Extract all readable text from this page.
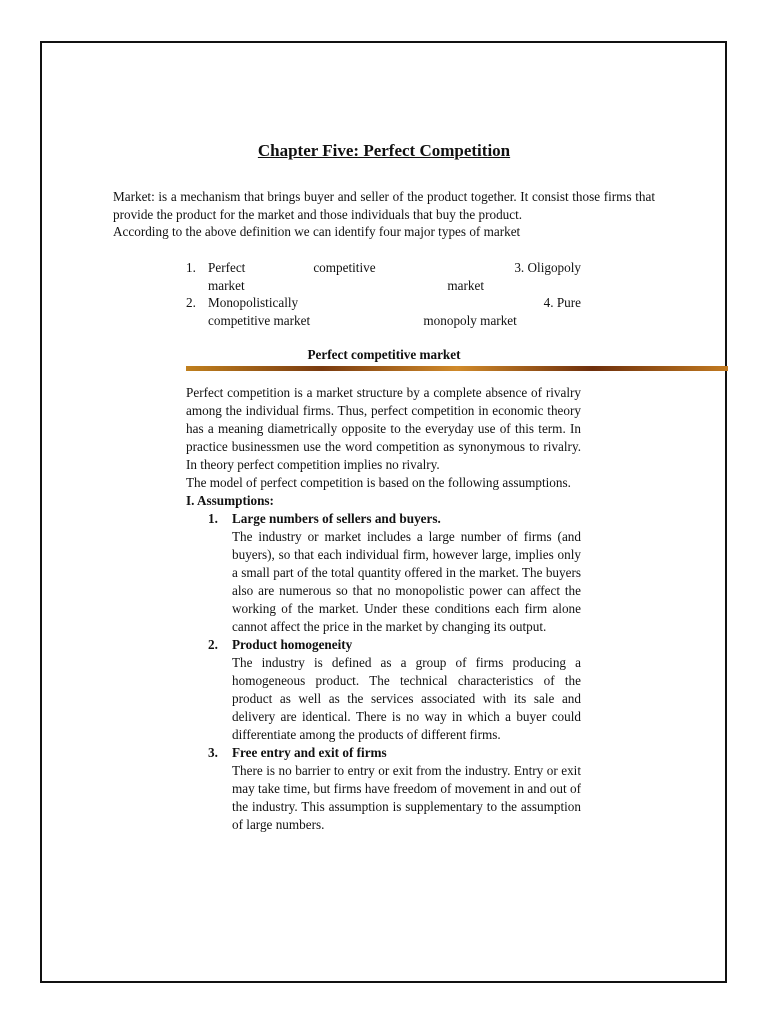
Chapter Five: Perfect Competition

Market: is a mechanism that brings buyer and seller of the product together. It consist those firms that provide the product for the market and those individuals that buy the product.

According to the above definition we can identify four major types of market

1. Perfect competitive
market
3. Oligopoly
market
2. Monopolistically
competitive market
4. Pure
monopoly market
Perfect competitive market

Perfect competition is a market structure by a complete absence of rivalry among the individual firms. Thus, perfect competition in economic theory has a meaning diametrically opposite to the everyday use of this term. In practice businessmen use the word competition as synonymous to rivalry. In theory perfect competition implies no rivalry.

The model of perfect competition is based on the following assumptions.

I. Assumptions:

1.	Large numbers of sellers and buyers.

The industry or market includes a large number of firms (and buyers), so that each individual firm, however large, implies only a small part of the total quantity offered in the market. The buyers also are numerous so that no monopolistic power can affect the working of the market. Under these conditions each firm alone cannot affect the price in the market by changing its output.

2.	Product homogeneity

The industry is defined as a group of firms producing a homogeneous product. The technical characteristics of the product as well as the services associated with its sale and delivery are identical. There is no way in which a buyer could differentiate among the products of different firms.

3.	Free entry and exit of firms

There is no barrier to entry or exit from the industry. Entry or exit may take time, but firms have freedom of movement in and out of the industry. This assumption is supplementary to the assumption of large numbers.
